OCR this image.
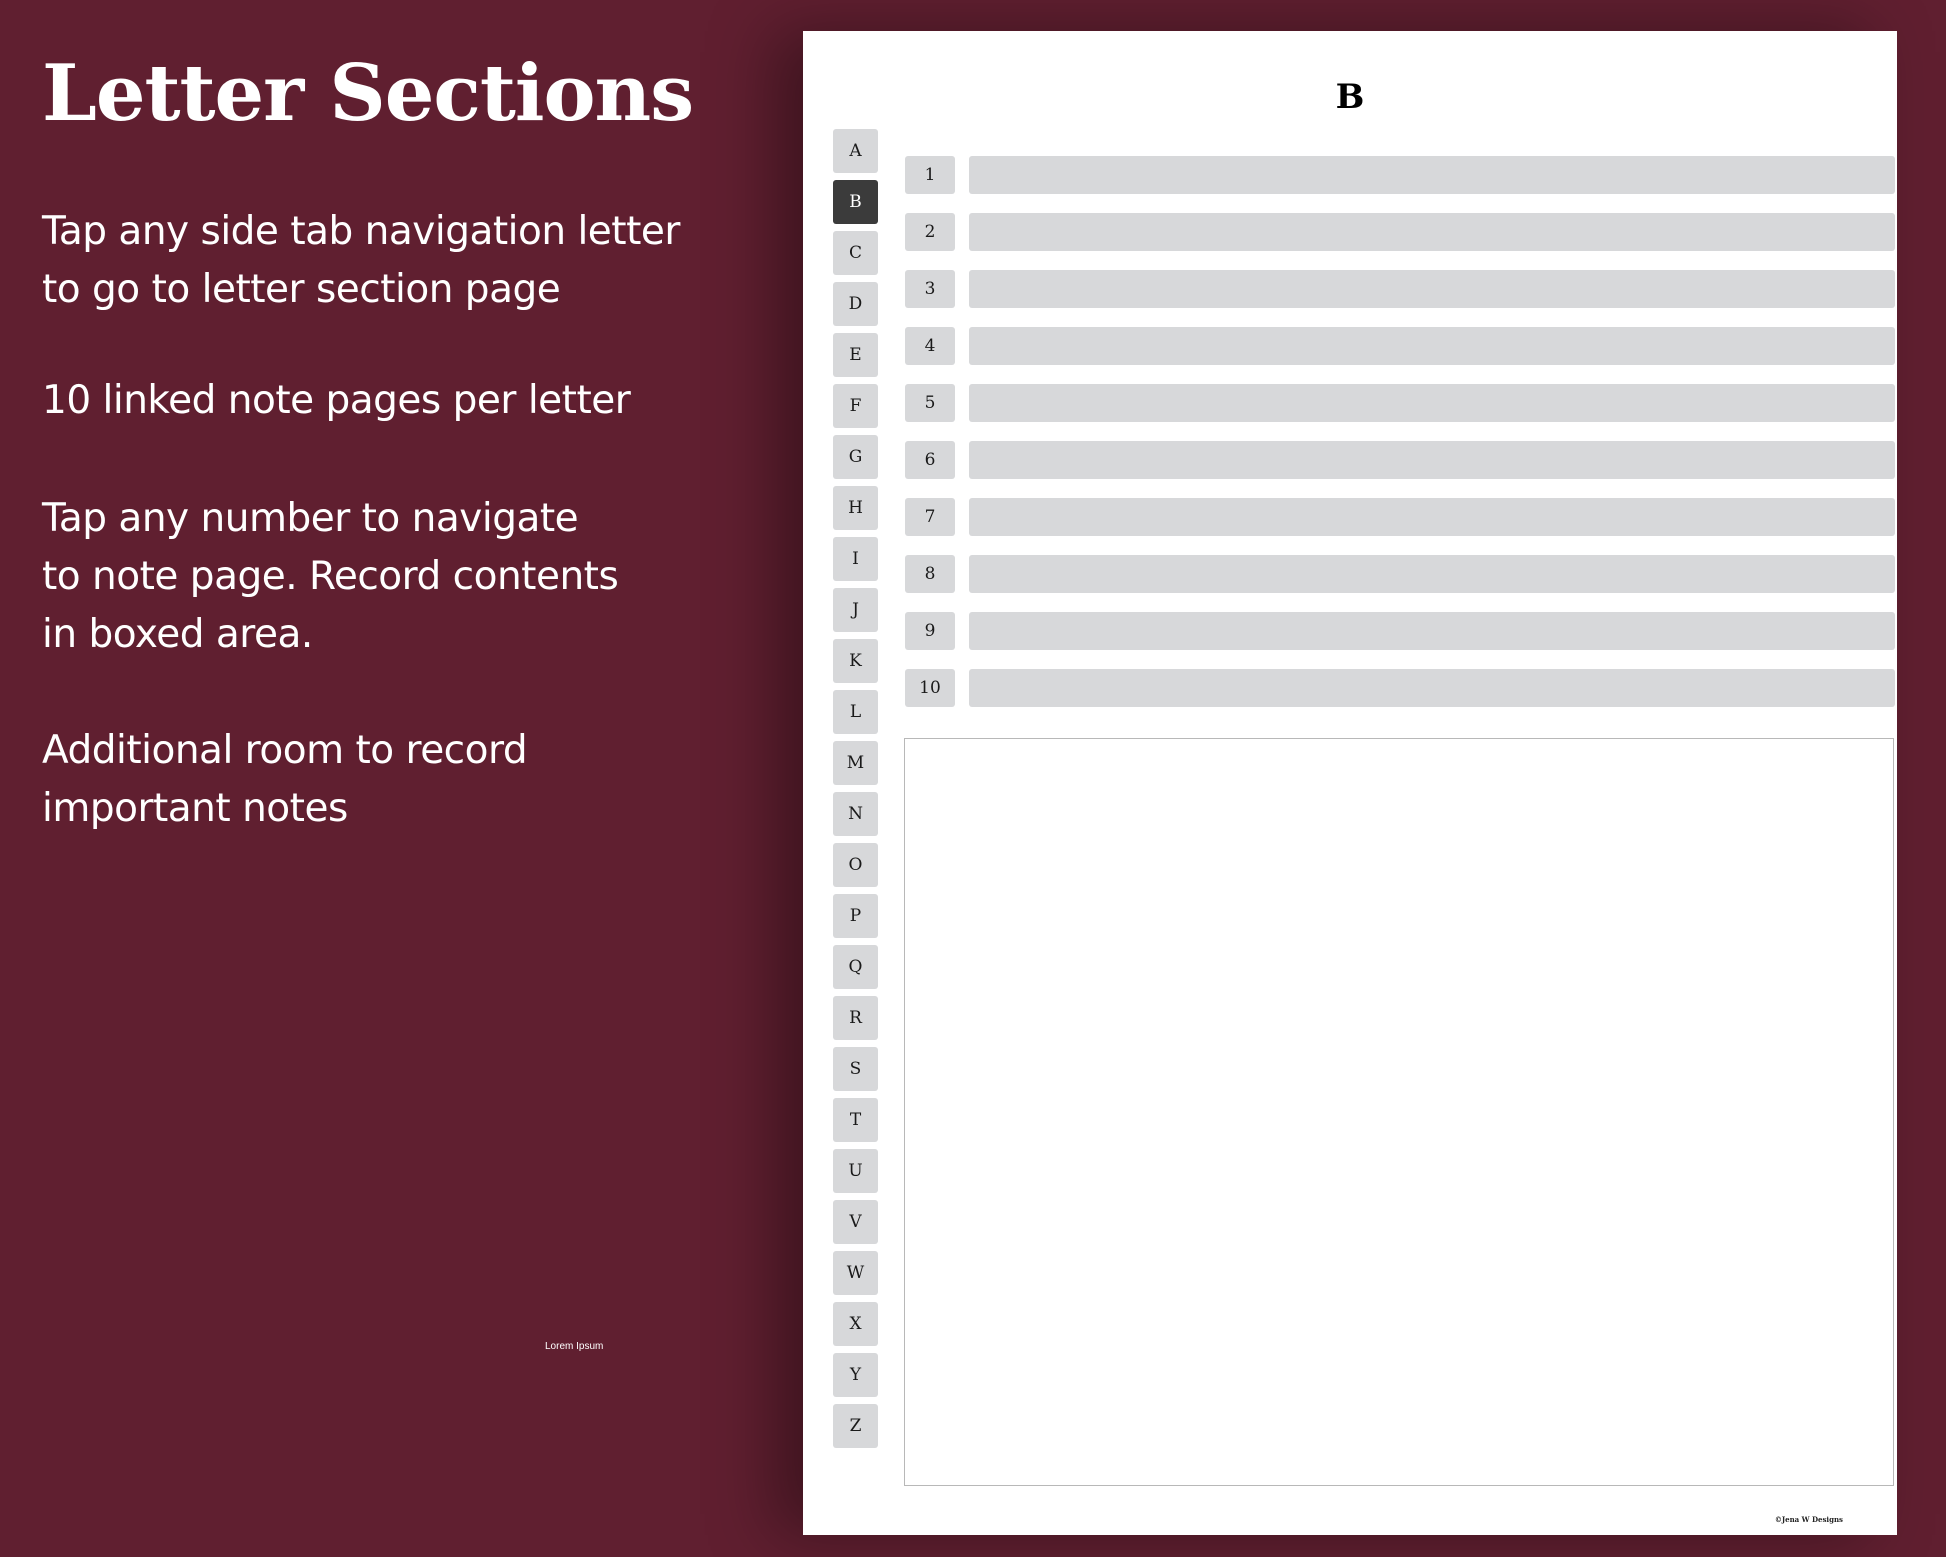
Letter Sections

Tap any side tab navigation letter
to go to letter section page

10 linked note pages per letter

Tap any number to navigate
to note page. Record contents
in boxed area.

Additional room to record
important notes

Lorem Ipsum
B
A
B
C
D
E
F
G
H
I
J
K
L
M
N
O
P
Q
R
S
T
U
V
W
X
Y
Z
1
2
3
4
5
6
7
8
9
10
©Jena W Designs
